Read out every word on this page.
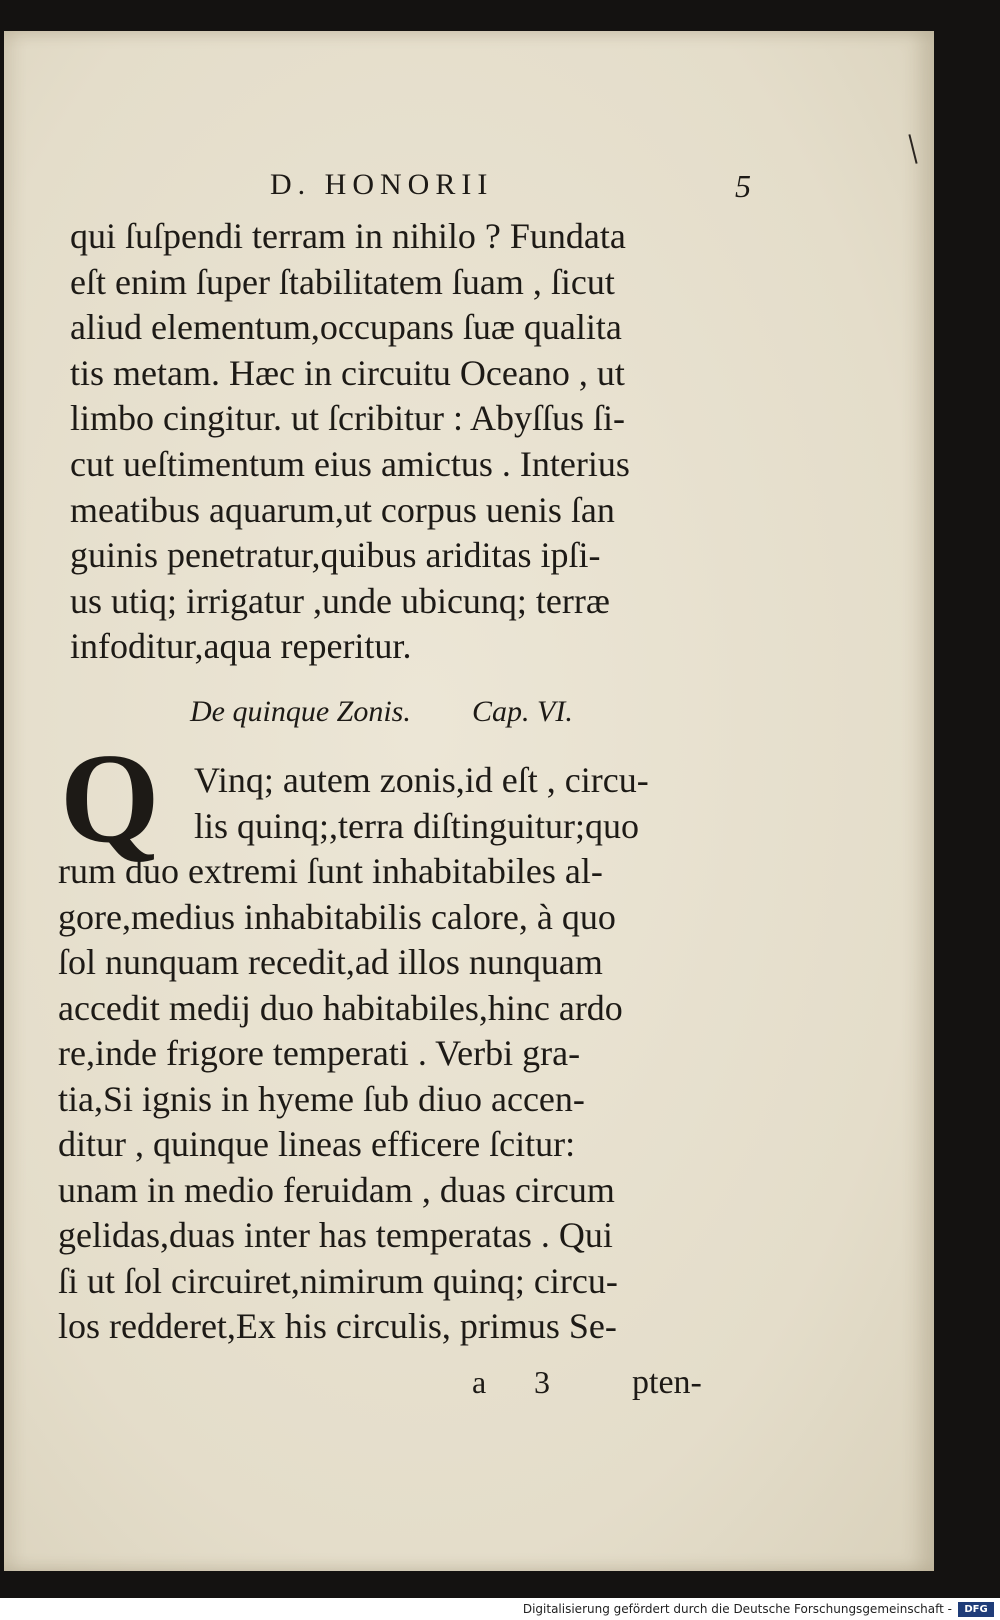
D. HONORII	5
qui ſuſpendi terram in nihilo ? Fundata
eſt enim ſuper ſtabilitatem ſuam , ſicut
aliud elementum,occupans ſuæ qualita
tis metam. Hæc in circuitu Oceano , ut
limbo cingitur. ut ſcribitur : Abyſſus ſi-
cut ueſtimentum eius amictus . Interius
meatibus aquarum,ut corpus uenis ſan
guinis penetratur,quibus ariditas ipſi-
us utiq; irrigatur ,unde ubicunq; terræ
infoditur,aqua reperitur.
De quinque Zonis. Cap. VI.
Q Vinq; autem zonis,id eſt , circu-
lis quinq;,terra diſtinguitur;quo
rum duo extremi ſunt inhabitabiles al-
gore,medius inhabitabilis calore, à quo
ſol nunquam recedit,ad illos nunquam
accedit medij duo habitabiles,hinc ardo
re,inde frigore temperati . Verbi gra-
tia,Si ignis in hyeme ſub diuo accen-
ditur , quinque lineas efficere ſcitur:
unam in medio feruidam , duas circum
gelidas,duas inter has temperatas . Qui
ſi ut ſol circuiret,nimirum quinq; circu-
los redderet,Ex his circulis, primus Se-
a 3 pten-
Digitalisierung gefördert durch die Deutsche Forschungsgemeinschaft -	DFG
